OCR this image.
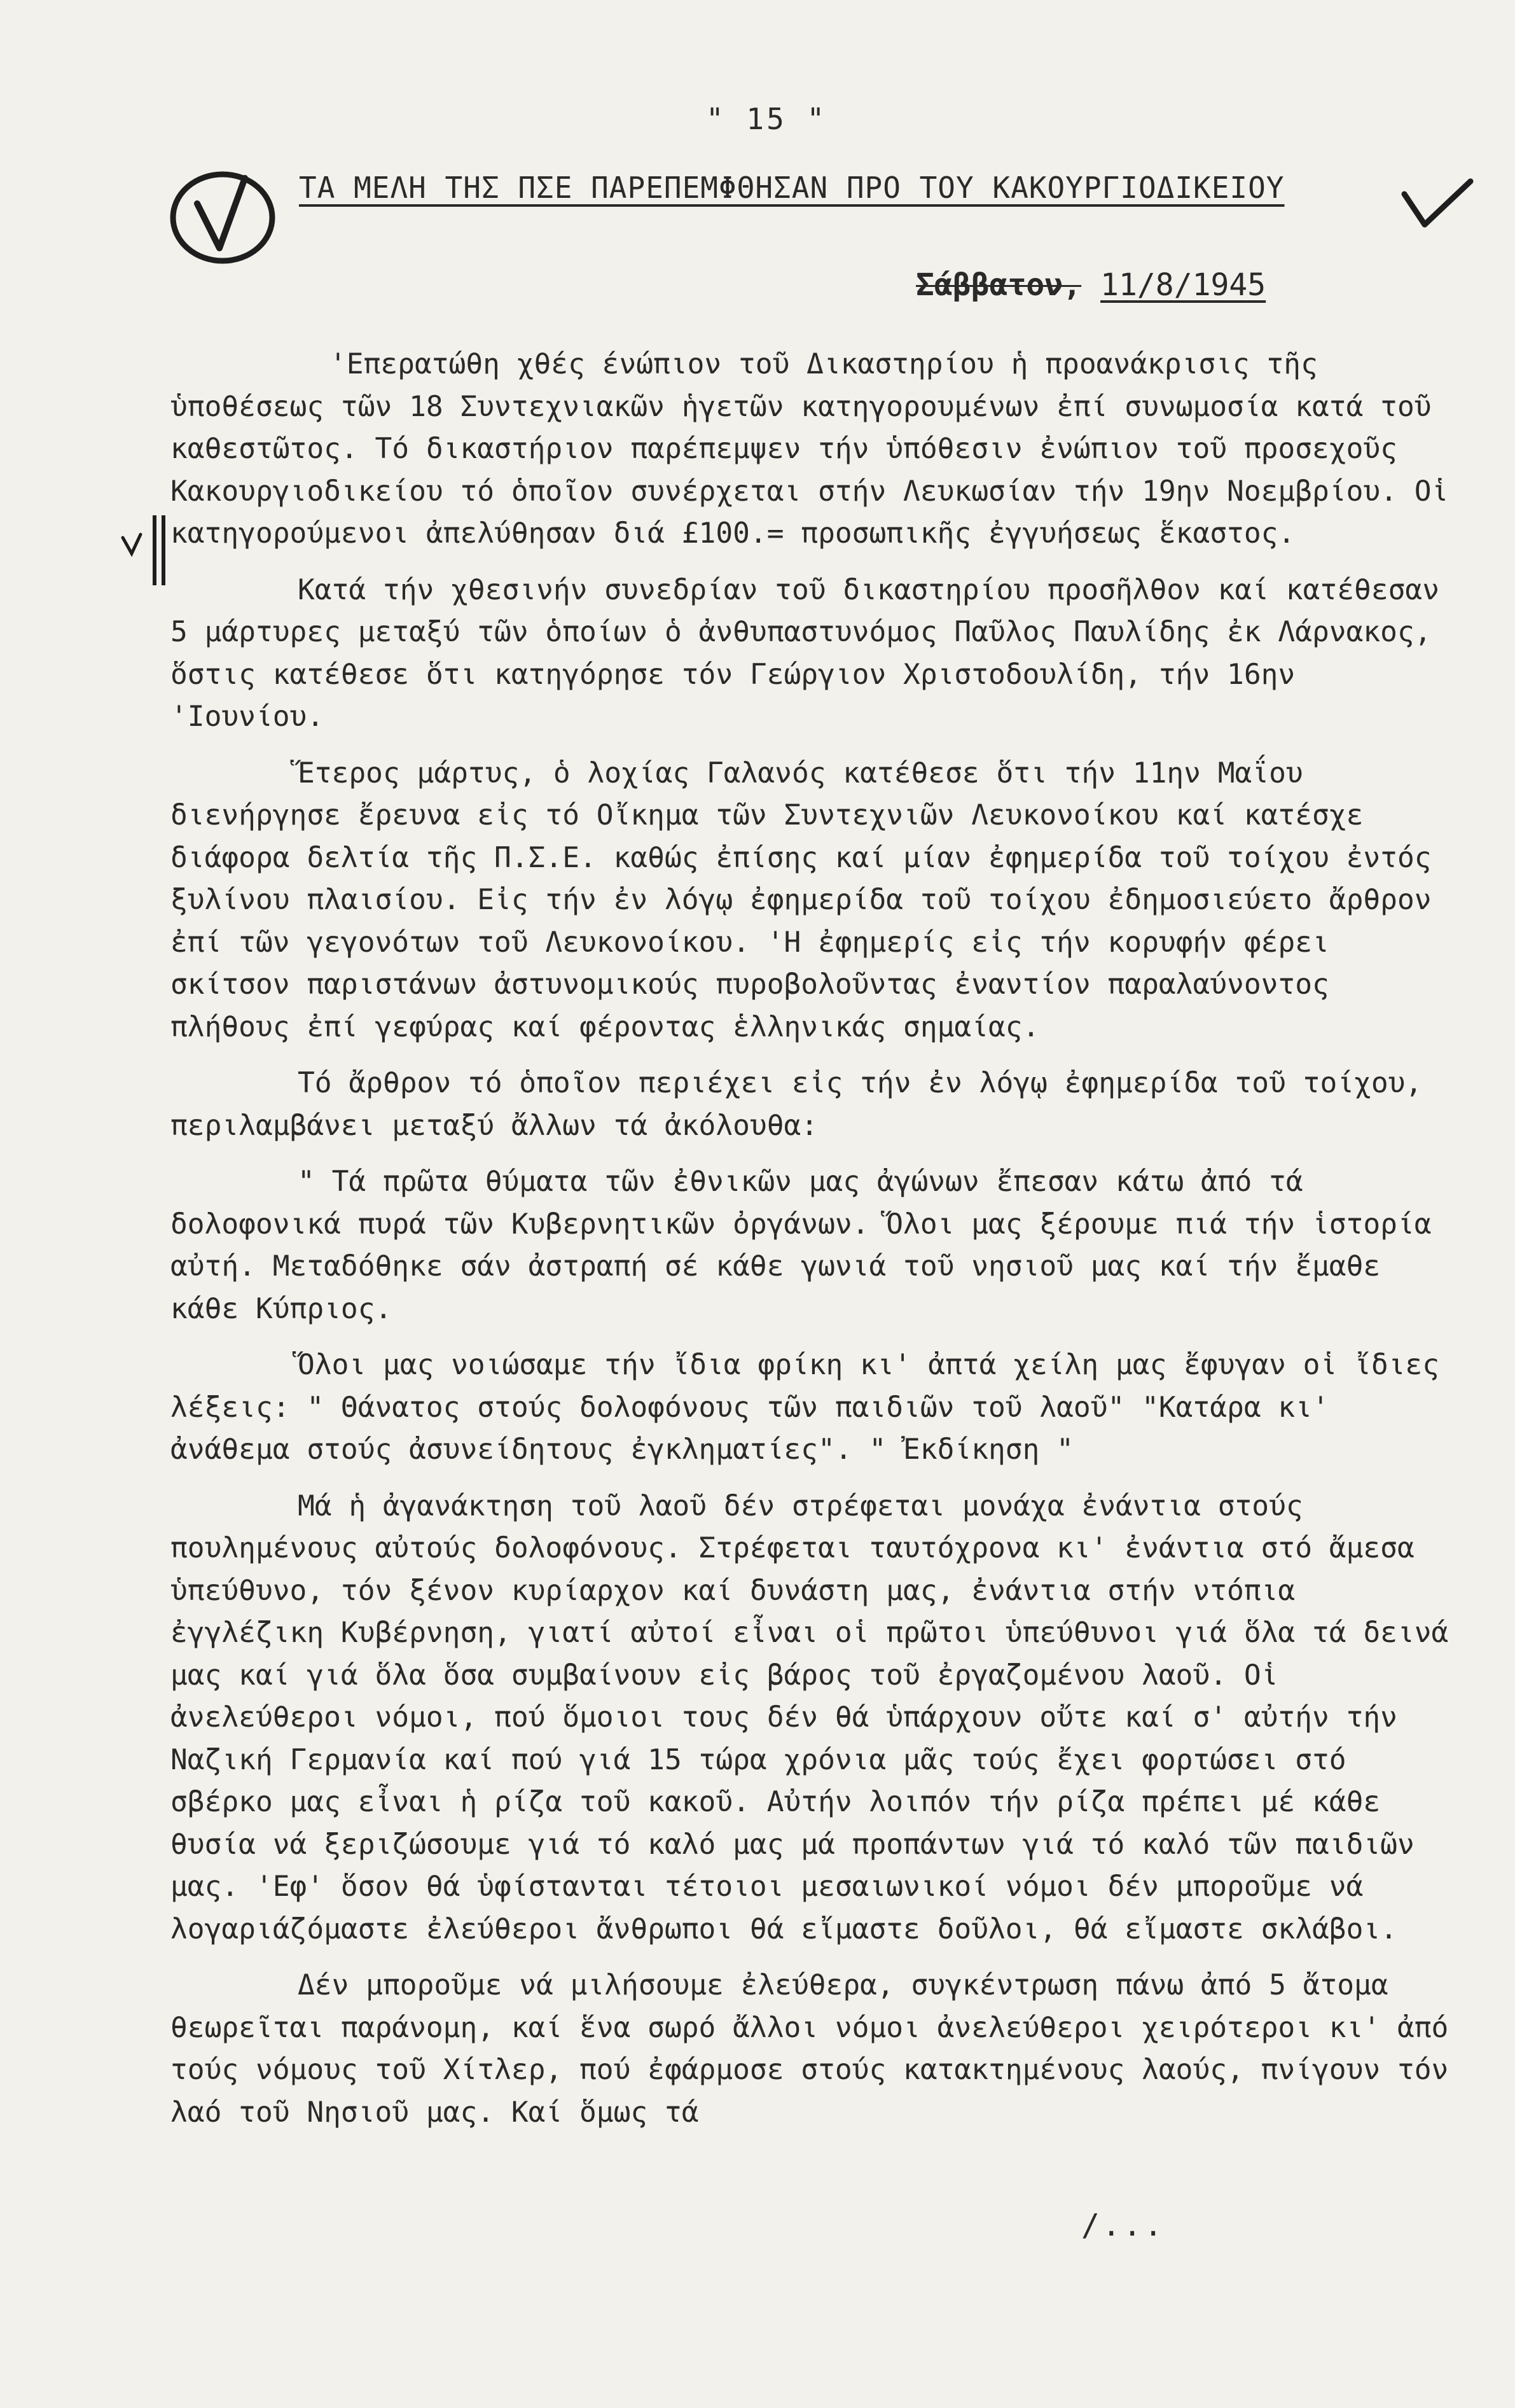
" 15 "
ΤΑ ΜΕΛΗ ΤΗΣ ΠΣΕ ΠΑΡΕΠΕΜΦΘΗΣΑΝ ΠΡΟ ΤΟΥ ΚΑΚΟΥΡΓΙΟΔΙΚΕΙΟΥ
Σάββατον, 11/8/1945

'Επερατώθη χθές ένώπιον τοῦ Δικαστηρίου ἡ προανάκρισις τῆς ὑποθέσεως τῶν 18 Συντεχνιακῶν ἡγετῶν κατηγορουμένων ἐπί συνωμοσία κατά τοῦ καθεστῶτος. Τό δικαστήριον παρέπεμψεν τήν ὑπόθεσιν ἐνώπιον τοῦ προσεχοῦς Κακουργιοδικείου τό ὁποῖον συνέρχεται στήν Λευκωσίαν τήν 19ην Νοεμβρίου. Οἱ κατηγορούμενοι ἀπελύθησαν διά £100.= προσωπικῆς ἐγγυήσεως ἕκαστος.

Κατά τήν χθεσινήν συνεδρίαν τοῦ δικαστηρίου προσῆλθον καί κατέθεσαν 5 μάρτυρες μεταξύ τῶν ὁποίων ὁ ἀνθυπαστυνόμος Παῦλος Παυλίδης ἐκ Λάρνακος, ὅστις κατέθεσε ὅτι κατηγόρησε τόν Γεώργιον Χριστοδουλίδη, τήν 16ην 'Ιουνίου.

Ἕτερος μάρτυς, ὁ λοχίας Γαλανός κατέθεσε ὅτι τήν 11ην Μαΐου διενήργησε ἔρευνα εἰς τό Οἴκημα τῶν Συντεχνιῶν Λευκονοίκου καί κατέσχε διάφορα δελτία τῆς Π.Σ.Ε. καθώς ἐπίσης καί μίαν ἐφημερίδα τοῦ τοίχου ἐντός ξυλίνου πλαισίου. Εἰς τήν ἐν λόγῳ ἐφημερίδα τοῦ τοίχου ἐδημοσιεύετο ἄρθρον ἐπί τῶν γεγονότων τοῦ Λευκονοίκου. 'Η ἐφημερίς εἰς τήν κορυφήν φέρει σκίτσον παριστάνων ἀστυνομικούς πυροβολοῦντας ἐναντίον παραλαύνοντος πλήθους ἐπί γεφύρας καί φέροντας ἑλληνικάς σημαίας.

Τό ἄρθρον τό ὁποῖον περιέχει εἰς τήν ἐν λόγῳ ἐφημερίδα τοῦ τοίχου, περιλαμβάνει μεταξύ ἄλλων τά ἀκόλουθα:

" Τά πρῶτα θύματα τῶν ἐθνικῶν μας ἀγώνων ἔπεσαν κάτω ἀπό τά δολοφονικά πυρά τῶν Κυβερνητικῶν ὀργάνων. Ὅλοι μας ξέρουμε πιά τήν ἱστορία αὐτή. Μεταδόθηκε σάν ἀστραπή σέ κάθε γωνιά τοῦ νησιοῦ μας καί τήν ἔμαθε κάθε Κύπριος.

Ὅλοι μας νοιώσαμε τήν ἴδια φρίκη κι' ἀπτά χείλη μας ἔφυγαν οἱ ἴδιες λέξεις: " Θάνατος στούς δολοφόνους τῶν παιδιῶν τοῦ λαοῦ" "Κατάρα κι' ἀνάθεμα στούς ἀσυνείδητους ἐγκληματίες". " Ἐκδίκηση "

Μά ἡ ἀγανάκτηση τοῦ λαοῦ δέν στρέφεται μονάχα ἐνάντια στούς πουλημένους αὐτούς δολοφόνους. Στρέφεται ταυτόχρονα κι' ἐνάντια στό ἄμεσα ὑπεύθυνο, τόν ξένον κυρίαρχον καί δυνάστη μας, ἐνάντια στήν ντόπια ἐγγλέζικη Κυβέρνηση, γιατί αὐτοί εἶναι οἱ πρῶτοι ὑπεύθυνοι γιά ὅλα τά δεινά μας καί γιά ὅλα ὅσα συμβαίνουν εἰς βάρος τοῦ ἐργαζομένου λαοῦ. Οἱ ἀνελεύθεροι νόμοι, πού ὅμοιοι τους δέν θά ὑπάρχουν οὔτε καί σ' αὐτήν τήν Ναζική Γερμανία καί πού γιά 15 τώρα χρόνια μᾶς τούς ἔχει φορτώσει στό σβέρκο μας εἶναι ἡ ρίζα τοῦ κακοῦ. Αὐτήν λοιπόν τήν ρίζα πρέπει μέ κάθε θυσία νά ξεριζώσουμε γιά τό καλό μας μά προπάντων γιά τό καλό τῶν παιδιῶν μας. 'Εφ' ὅσον θά ὑφίστανται τέτοιοι μεσαιωνικοί νόμοι δέν μποροῦμε νά λογαριάζόμαστε ἐλεύθεροι ἄνθρωποι θά εἴμαστε δοῦλοι, θά εἴμαστε σκλάβοι.

Δέν μποροῦμε νά μιλήσουμε ἐλεύθερα, συγκέντρωση πάνω ἀπό 5 ἄτομα θεωρεῖται παράνομη, καί ἕνα σωρό ἄλλοι νόμοι ἀνελεύθεροι χειρότεροι κι' ἀπό τούς νόμους τοῦ Χίτλερ, πού ἐφάρμοσε στούς κατακτημένους λαούς, πνίγουν τόν λαό τοῦ Νησιοῦ μας. Καί ὅμως τά

/...
